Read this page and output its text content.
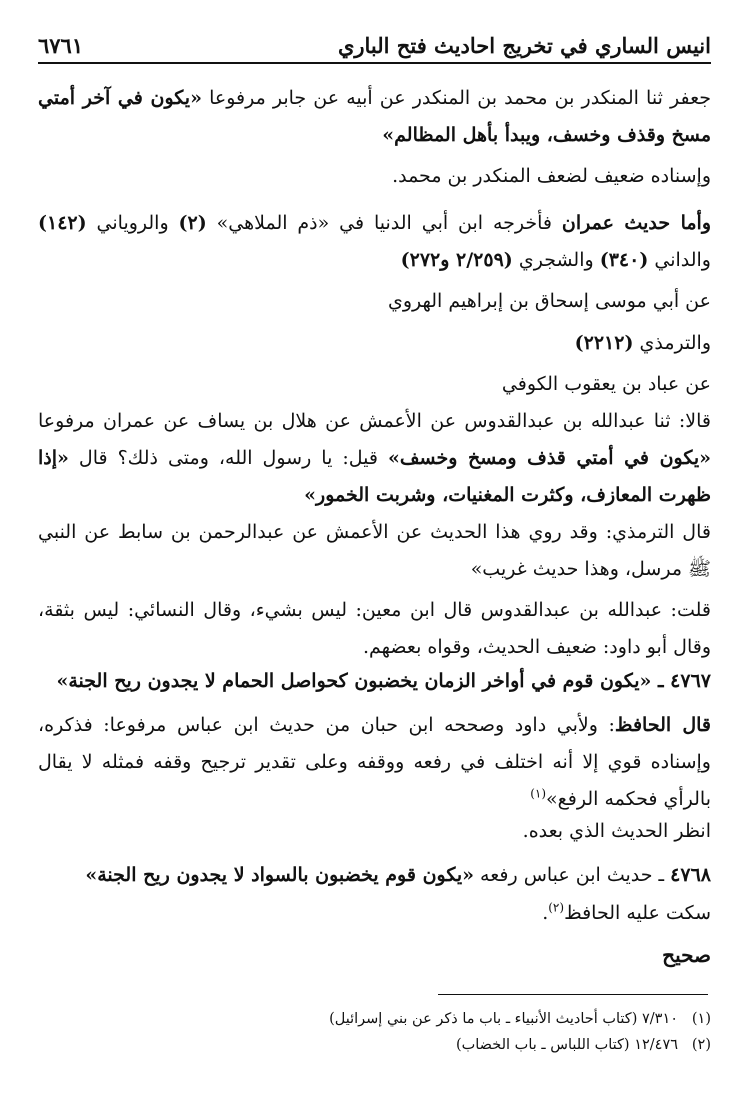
انيس الساري في تخريج احاديث فتح الباري
٦٧٦١
جعفر ثنا المنكدر بن محمد بن المنكدر عن أبيه عن جابر مرفوعا «يكون في آخر أمتي مسخ وقذف وخسف، ويبدأ بأهل المظالم»
وإسناده ضعيف لضعف المنكدر بن محمد.
وأما حديث عمران فأخرجه ابن أبي الدنيا في «ذم الملاهي» (٢) والروياني (١٤٢) والداني (٣٤٠) والشجري (٢/٢٥٩ و٢٧٢)
عن أبي موسى إسحاق بن إبراهيم الهروي
والترمذي (٢٢١٢)
عن عباد بن يعقوب الكوفي
قالا: ثنا عبدالله بن عبدالقدوس عن الأعمش عن هلال بن يساف عن عمران مرفوعا «يكون في أمتي قذف ومسخ وخسف» قيل: يا رسول الله، ومتى ذلك؟ قال «إذا ظهرت المعازف، وكثرت المغنيات، وشربت الخمور»
قال الترمذي: وقد روي هذا الحديث عن الأعمش عن عبدالرحمن بن سابط عن النبي ﷺ مرسل، وهذا حديث غريب»
قلت: عبدالله بن عبدالقدوس قال ابن معين: ليس بشيء، وقال النسائي: ليس بثقة، وقال أبو داود: ضعيف الحديث، وقواه بعضهم.
٤٧٦٧ ـ «يكون قوم في أواخر الزمان يخضبون كحواصل الحمام لا يجدون ريح الجنة»
قال الحافظ: ولأبي داود وصححه ابن حبان من حديث ابن عباس مرفوعا: فذكره، وإسناده قوي إلا أنه اختلف في رفعه ووقفه وعلى تقدير ترجيح وقفه فمثله لا يقال بالرأي فحكمه الرفع»$^{(١)}$
انظر الحديث الذي بعده.
٤٧٦٨ ـ حديث ابن عباس رفعه «يكون قوم يخضبون بالسواد لا يجدون ريح الجنة»
سكت عليه الحافظ$^{(٢)}$.
صحيح
(١)   ٧/٣١٠ (كتاب أحاديث الأنبياء ـ باب ما ذكر عن بني إسرائيل)
(٢)   ١٢/٤٧٦ (كتاب اللباس ـ باب الخضاب)
